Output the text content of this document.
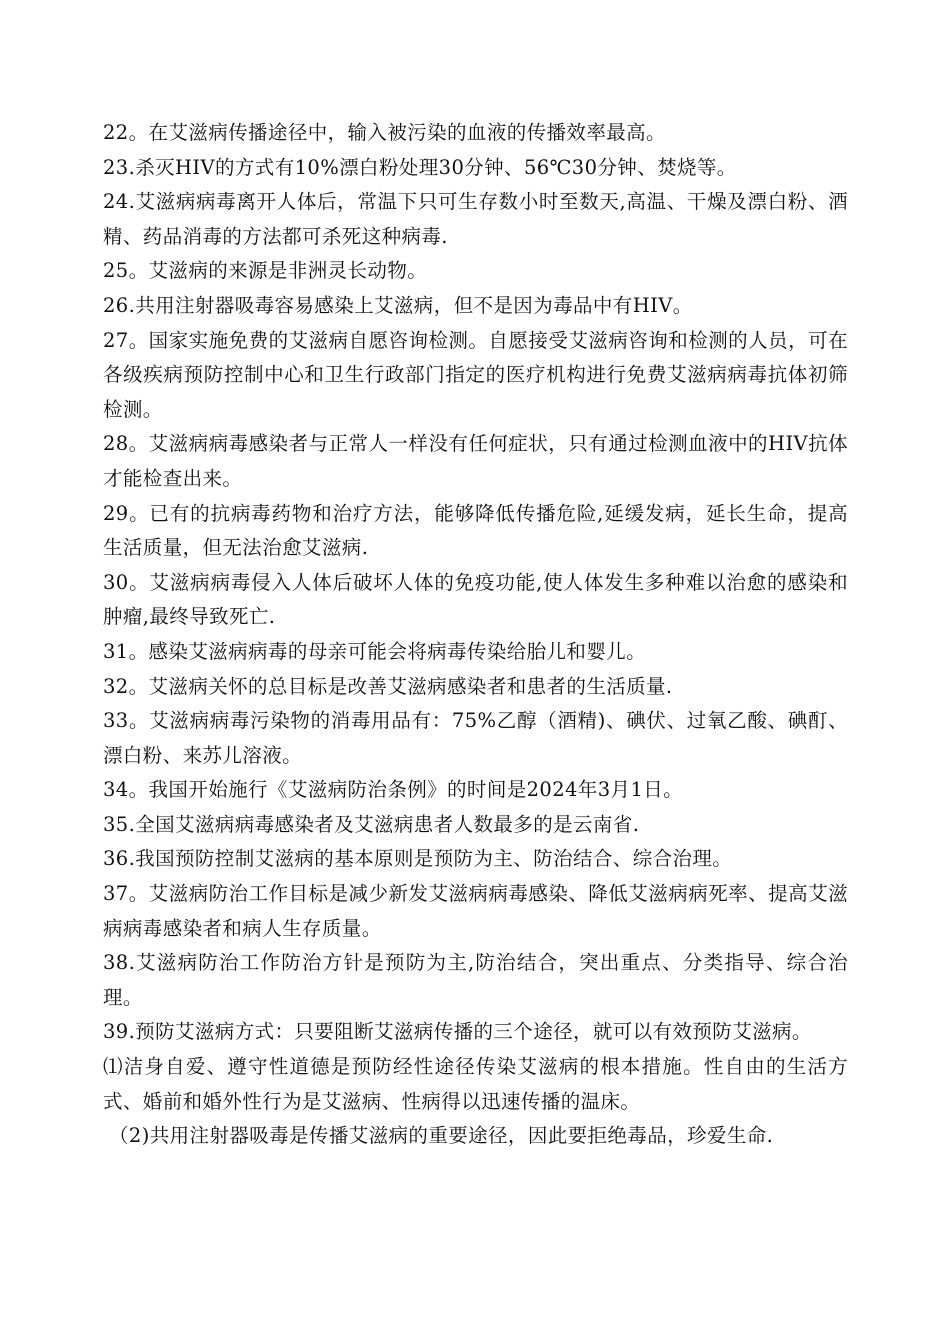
22。在艾滋病传播途径中，输入被污染的血液的传播效率最高。

23.杀灭HIV的方式有10%漂白粉处理30分钟、56℃30分钟、焚烧等。

24.艾滋病病毒离开人体后，常温下只可生存数小时至数天,高温、干燥及漂白粉、酒精、药品消毒的方法都可杀死这种病毒.

25。艾滋病的来源是非洲灵长动物。

26.共用注射器吸毒容易感染上艾滋病，但不是因为毒品中有HIV。

27。国家实施免费的艾滋病自愿咨询检测。自愿接受艾滋病咨询和检测的人员，可在各级疾病预防控制中心和卫生行政部门指定的医疗机构进行免费艾滋病病毒抗体初筛检测。

28。艾滋病病毒感染者与正常人一样没有任何症状，只有通过检测血液中的HIV抗体才能检查出来。

29。已有的抗病毒药物和治疗方法，能够降低传播危险,延缓发病，延长生命，提高生活质量，但无法治愈艾滋病.

30。艾滋病病毒侵入人体后破坏人体的免疫功能,使人体发生多种难以治愈的感染和肿瘤,最终导致死亡.

31。感染艾滋病病毒的母亲可能会将病毒传染给胎儿和婴儿。

32。艾滋病关怀的总目标是改善艾滋病感染者和患者的生活质量.

33。艾滋病病毒污染物的消毒用品有：75%乙醇（酒精)、碘伏、过氧乙酸、碘酊、漂白粉、来苏儿溶液。

34。我国开始施行《艾滋病防治条例》的时间是2024年3月1日。

35.全国艾滋病病毒感染者及艾滋病患者人数最多的是云南省.

36.我国预防控制艾滋病的基本原则是预防为主、防治结合、综合治理。

37。艾滋病防治工作目标是减少新发艾滋病病毒感染、降低艾滋病病死率、提高艾滋病病毒感染者和病人生存质量。

38.艾滋病防治工作防治方针是预防为主,防治结合，突出重点、分类指导、综合治理。

39.预防艾滋病方式：只要阻断艾滋病传播的三个途径，就可以有效预防艾滋病。

⑴洁身自爱、遵守性道德是预防经性途径传染艾滋病的根本措施。性自由的生活方式、婚前和婚外性行为是艾滋病、性病得以迅速传播的温床。

（2)共用注射器吸毒是传播艾滋病的重要途径，因此要拒绝毒品，珍爱生命.
